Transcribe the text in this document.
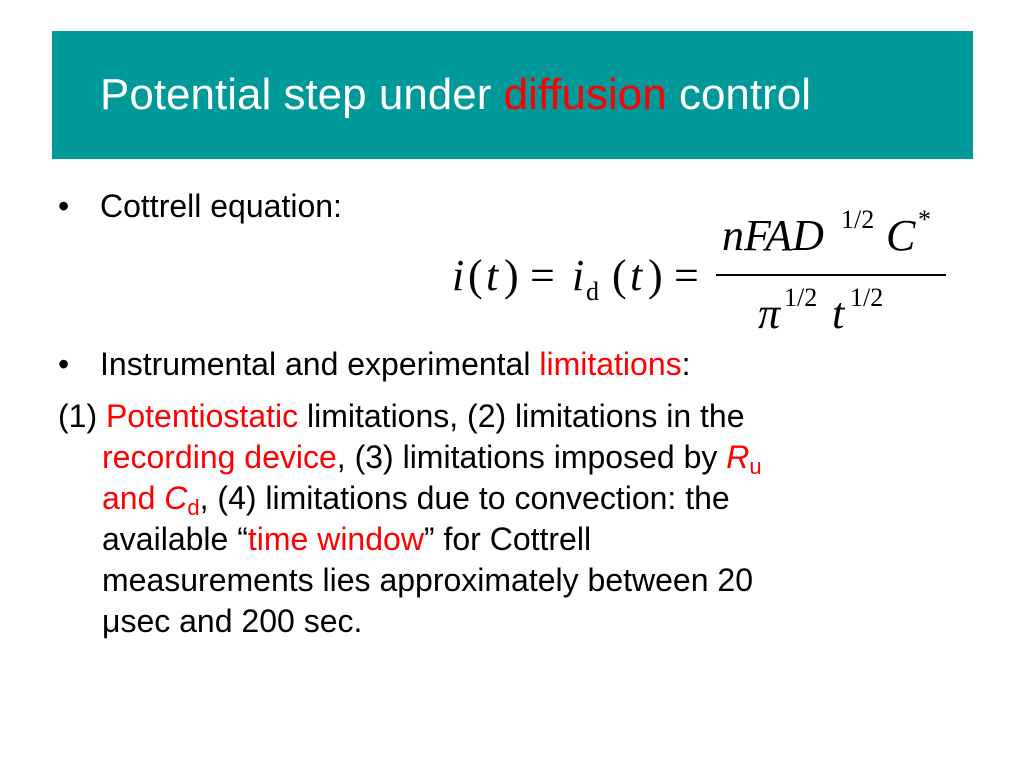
Potential step under diffusion control
• Cottrell equation:
i ( t ) = i d ( t ) =
nFAD 1/2 C *
π 1/2 t 1/2
• Instrumental and experimental limitations:
(1) Potentiostatic limitations, (2) limitations in the
recording device, (3) limitations imposed by $R_u$
and $C_d$, (4) limitations due to convection: the
available “time window” for Cottrell
measurements lies approximately between 20
μsec and 200 sec.
